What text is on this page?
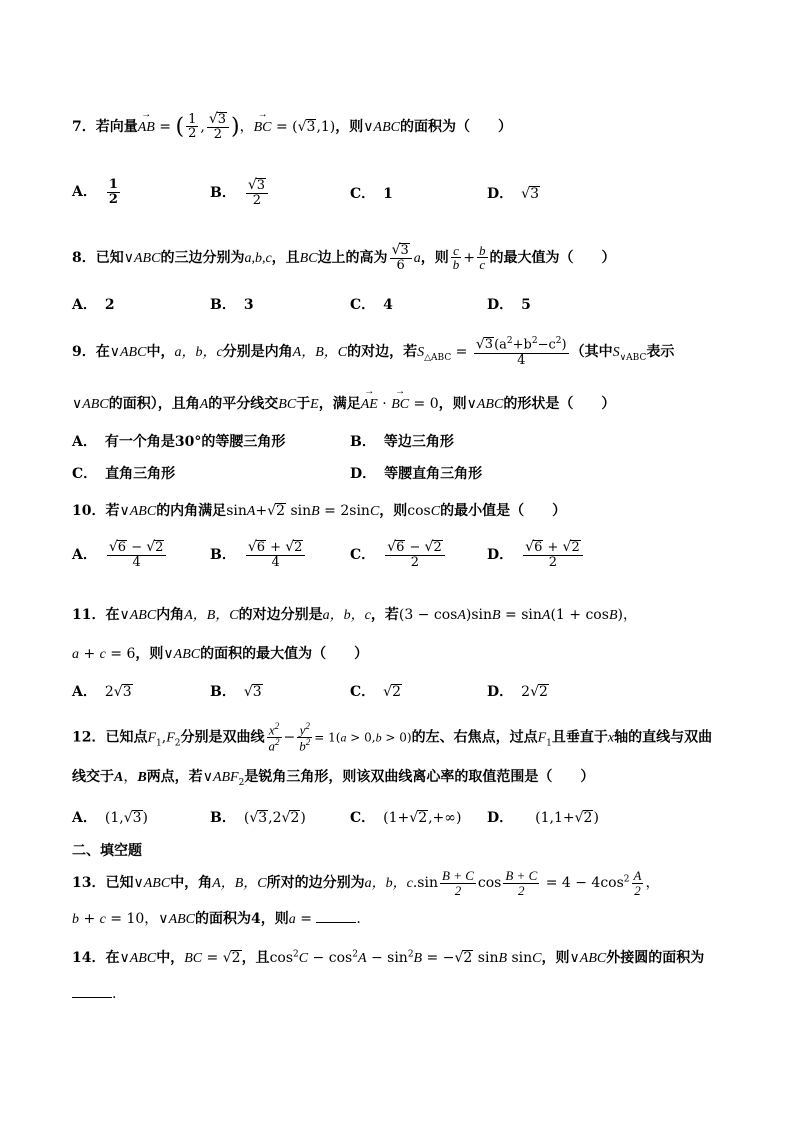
7．若向量→ AB = ( $\frac{1}{2}$ , $\frac{√3}{2}$ )，→ BC = (√3,1)，则∨ABC的面积为（　　）
A． $\frac{1}{2}$	B． $\frac{√3}{2}$	C． 1	D． √3
8．已知∨ABC的三边分别为a,b,c，且BC边上的高为 $\frac{√3}{6}$ a，则 $\frac{c}{b} + \frac{b}{c}$ 的最大值为（　　）
A． 2	B． 3	C． 4	D． 5
9．在∨ABC中，a，b，c分别是内角A，B，C的对边，若$S_{\triangle ABC} = \frac{√3(a^2+b^2-c^2)}{4}$ （其中$S_{\vee ABC}$表示
∨ABC的面积），且角A的平分线交BC于E，满足→ AE · → BC = 0，则∨ABC的形状是（　　）
A． 有一个角是30°的等腰三角形	B． 等边三角形
C． 直角三角形	D． 等腰直角三角形
10．若∨ABC的内角满足sinA+√2 sinB = 2sinC，则cosC的最小值是（　　）
A． $\frac{√6 - √2}{4}$	B． $\frac{√6 + √2}{4}$	C． $\frac{√6 - √2}{2}$	D． $\frac{√6 + √2}{2}$
11．在∨ABC内角A，B，C的对边分别是a，b，c，若(3 − cosA)sinB = sinA(1 + cosB)，
a + c = 6，则∨ABC的面积的最大值为（　　）
A． 2√3	B． √3	C． √2	D． 2√2
12．已知点$F_1,F_2$分别是双曲线 $\frac{x^2}{a^2} - \frac{y^2}{b^2} = 1(a > 0,b > 0)$的左、右焦点，过点$F_1$且垂直于x轴的直线与双曲
线交于A，B两点，若$\vee ABF_2$是锐角三角形，则该双曲线离心率的取值范围是（　　）
A． (1,√3)	B． (√3,2√2)	C． (1+√2,+∞) D． (1,1+√2)
二、填空题
13．已知∨ABC中，角A，B，C所对的边分别为a，b，$c.\sin \frac{B + C}{2}$ $\cos \frac{B + C}{2} = 4 - 4\cos^2 \frac{A}{2}$ ，
b + c = 10，∨ABC的面积为4，则a =	.
14．在∨ABC中，BC = √2，且$\cos^2C - \cos^2A - \sin^2B = -√2$ sinB sinC，则∨ABC外接圆的面积为
.
